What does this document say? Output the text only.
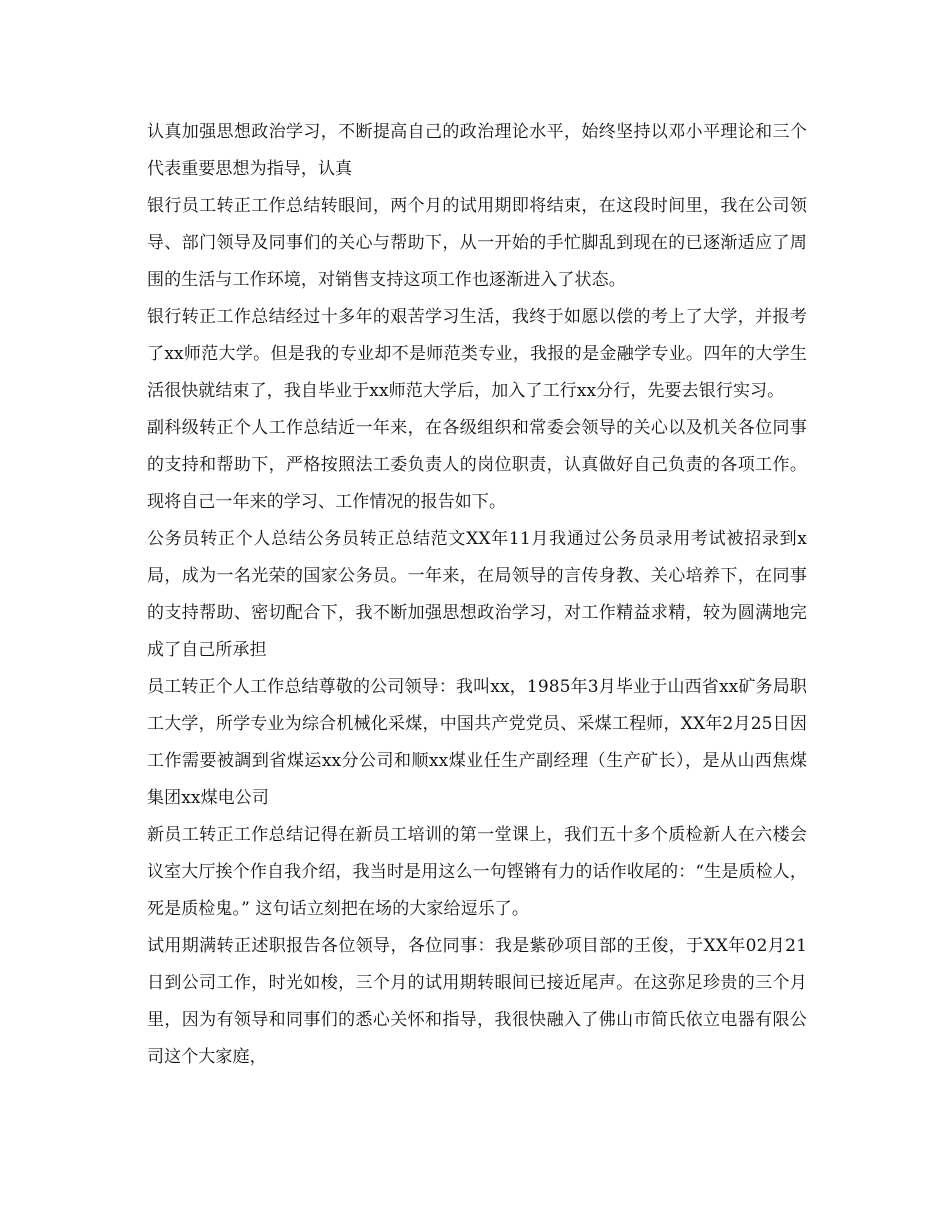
认真加强思想政治学习，不断提高自己的政治理论水平，始终坚持以邓小平理论和三个代表重要思想为指导，认真

银行员工转正工作总结转眼间，两个月的试用期即将结束，在这段时间里，我在公司领导、部门领导及同事们的关心与帮助下，从一开始的手忙脚乱到现在的已逐渐适应了周围的生活与工作环境，对销售支持这项工作也逐渐进入了状态。

银行转正工作总结经过十多年的艰苦学习生活，我终于如愿以偿的考上了大学，并报考了xx师范大学。但是我的专业却不是师范类专业，我报的是金融学专业。四年的大学生活很快就结束了，我自毕业于xx师范大学后，加入了工行xx分行，先要去银行实习。

副科级转正个人工作总结近一年来，在各级组织和常委会领导的关心以及机关各位同事的支持和帮助下，严格按照法工委负责人的岗位职责，认真做好自己负责的各项工作。现将自己一年来的学习、工作情况的报告如下。

公务员转正个人总结公务员转正总结范文XX年11月我通过公务员录用考试被招录到x局，成为一名光荣的国家公务员。一年来，在局领导的言传身教、关心培养下，在同事的支持帮助、密切配合下，我不断加强思想政治学习，对工作精益求精，较为圆满地完成了自己所承担

员工转正个人工作总结尊敬的公司领导：我叫xx，1985年3月毕业于山西省xx矿务局职工大学，所学专业为综合机械化采煤，中国共产党党员、采煤工程师，XX年2月25日因工作需要被調到省煤运xx分公司和顺xx煤业任生产副经理（生产矿长），是从山西焦煤集团xx煤电公司

新员工转正工作总结记得在新员工培训的第一堂课上，我们五十多个质检新人在六楼会议室大厅挨个作自我介绍，我当时是用这么一句铿锵有力的话作收尾的：“生是质检人，死是质检鬼。” 这句话立刻把在场的大家给逗乐了。

试用期满转正述职报告各位领导，各位同事：我是紫砂项目部的王俊，于XX年02月21日到公司工作，时光如梭，三个月的试用期转眼间已接近尾声。在这弥足珍贵的三个月里，因为有领导和同事们的悉心关怀和指导，我很快融入了佛山市简氏依立电器有限公司这个大家庭，
